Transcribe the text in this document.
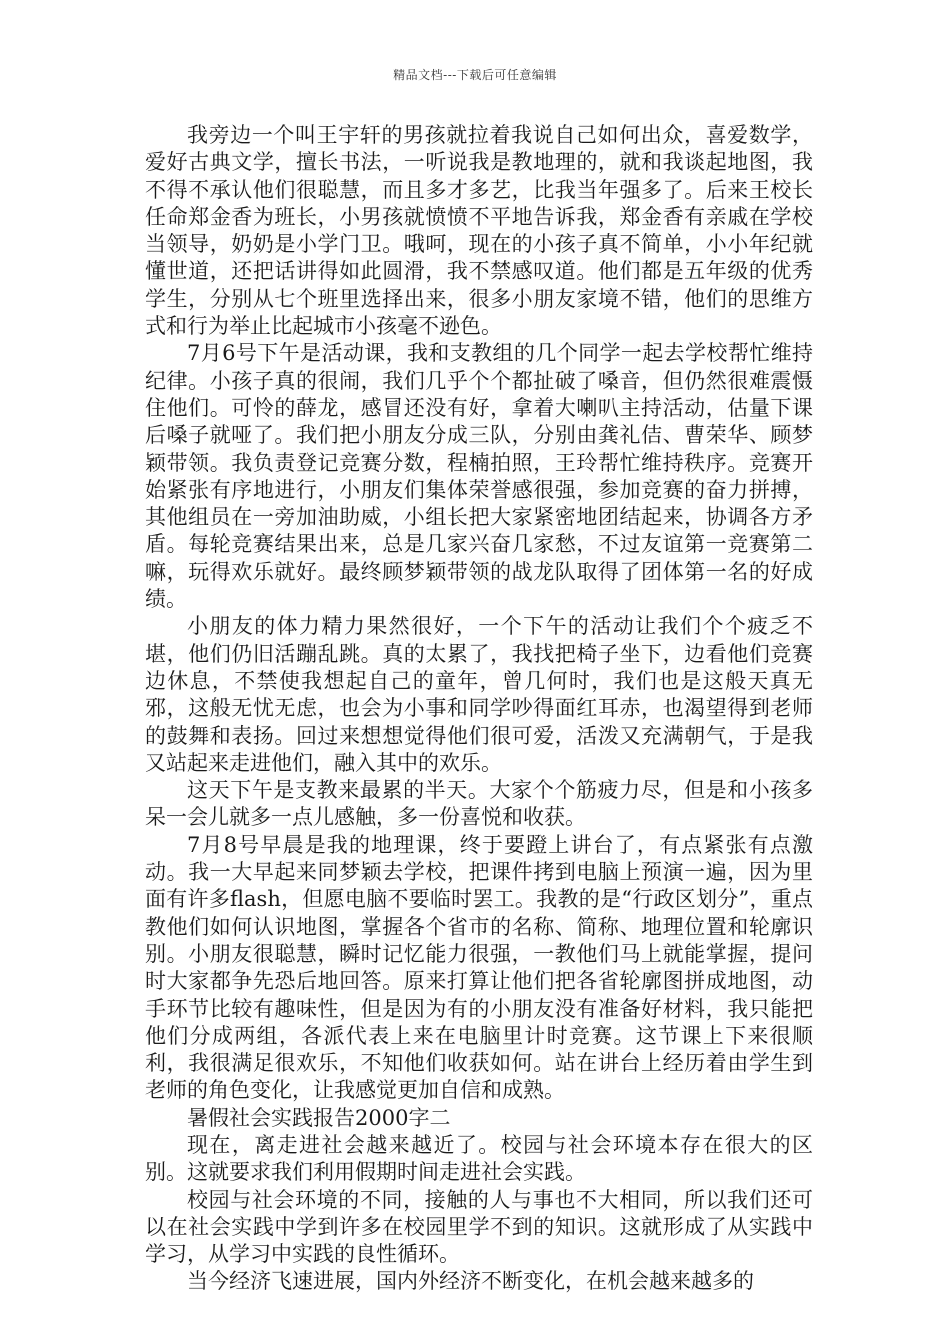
精品文档---下载后可任意编辑

我旁边一个叫王宇轩的男孩就拉着我说自己如何出众，喜爱数学，爱好古典文学，擅长书法，一听说我是教地理的，就和我谈起地图，我不得不承认他们很聪慧，而且多才多艺，比我当年强多了。后来王校长任命郑金香为班长，小男孩就愤愤不平地告诉我，郑金香有亲戚在学校当领导，奶奶是小学门卫。哦呵，现在的小孩子真不简单，小小年纪就懂世道，还把话讲得如此圆滑，我不禁感叹道。他们都是五年级的优秀学生，分别从七个班里选择出来，很多小朋友家境不错，他们的思维方式和行为举止比起城市小孩毫不逊色。

7月6号下午是活动课，我和支教组的几个同学一起去学校帮忙维持纪律。小孩子真的很闹，我们几乎个个都扯破了嗓音，但仍然很难震慑住他们。可怜的薛龙，感冒还没有好，拿着大喇叭主持活动，估量下课后嗓子就哑了。我们把小朋友分成三队，分别由龚礼佶、曹荣华、顾梦颖带领。我负责登记竞赛分数，程楠拍照，王玲帮忙维持秩序。竞赛开始紧张有序地进行，小朋友们集体荣誉感很强，参加竞赛的奋力拼搏，其他组员在一旁加油助威，小组长把大家紧密地团结起来，协调各方矛盾。每轮竞赛结果出来，总是几家兴奋几家愁，不过友谊第一竞赛第二嘛，玩得欢乐就好。最终顾梦颖带领的战龙队取得了团体第一名的好成绩。

小朋友的体力精力果然很好，一个下午的活动让我们个个疲乏不堪，他们仍旧活蹦乱跳。真的太累了，我找把椅子坐下，边看他们竞赛边休息，不禁使我想起自己的童年，曾几何时，我们也是这般天真无邪，这般无忧无虑，也会为小事和同学吵得面红耳赤，也渴望得到老师的鼓舞和表扬。回过来想想觉得他们很可爱，活泼又充满朝气，于是我又站起来走进他们，融入其中的欢乐。

这天下午是支教来最累的半天。大家个个筋疲力尽，但是和小孩多呆一会儿就多一点儿感触，多一份喜悦和收获。

7月8号早晨是我的地理课，终于要蹬上讲台了，有点紧张有点激动。我一大早起来同梦颖去学校，把课件拷到电脑上预演一遍，因为里面有许多flash，但愿电脑不要临时罢工。我教的是“行政区划分”，重点教他们如何认识地图，掌握各个省市的名称、简称、地理位置和轮廓识别。小朋友很聪慧，瞬时记忆能力很强，一教他们马上就能掌握，提问时大家都争先恐后地回答。原来打算让他们把各省轮廓图拼成地图，动手环节比较有趣味性，但是因为有的小朋友没有准备好材料，我只能把他们分成两组，各派代表上来在电脑里计时竞赛。这节课上下来很顺利，我很满足很欢乐，不知他们收获如何。站在讲台上经历着由学生到老师的角色变化，让我感觉更加自信和成熟。

暑假社会实践报告2000字二

现在，离走进社会越来越近了。校园与社会环境本存在很大的区别。这就要求我们利用假期时间走进社会实践。

校园与社会环境的不同，接触的人与事也不大相同，所以我们还可以在社会实践中学到许多在校园里学不到的知识。这就形成了从实践中学习，从学习中实践的良性循环。

当今经济飞速进展，国内外经济不断变化，在机会越来越多的
